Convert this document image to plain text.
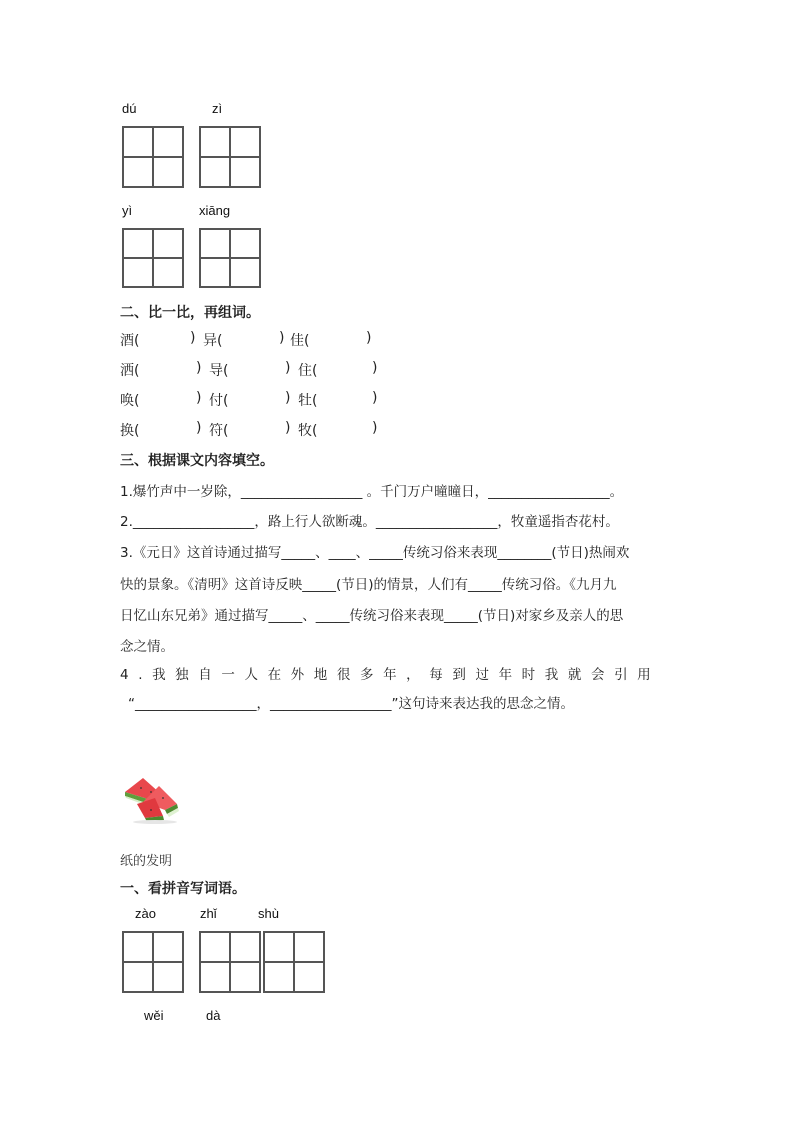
dú	zì
yì	xiāng
二、比一比，再组词。
酒(	) 异(	) 佳(	)
洒(	) 导(	) 住(	)
唤(	) 付(	) 牡(	)
换(	) 符(	) 牧(	)
三、根据课文内容填空。
1.爆竹声中一岁除，__________________ 。千门万户曈曈日，__________________。
2.__________________，路上行人欲断魂。__________________，牧童遥指杏花村。
3.《元日》这首诗通过描写_____、____、_____传统习俗来表现________(节日)热闹欢
快的景象。《清明》这首诗反映_____(节日)的情景，人们有_____传统习俗。《九月九
日忆山东兄弟》通过描写_____、_____传统习俗来表现_____(节日)对家乡及亲人的思
念之情。
4.我独自一人在外地很多年，每到过年时我就会引用
“__________________，__________________”这句诗来表达我的思念之情。
纸的发明
一、看拼音写词语。
zào	zhǐ	shù
wěi	dà
